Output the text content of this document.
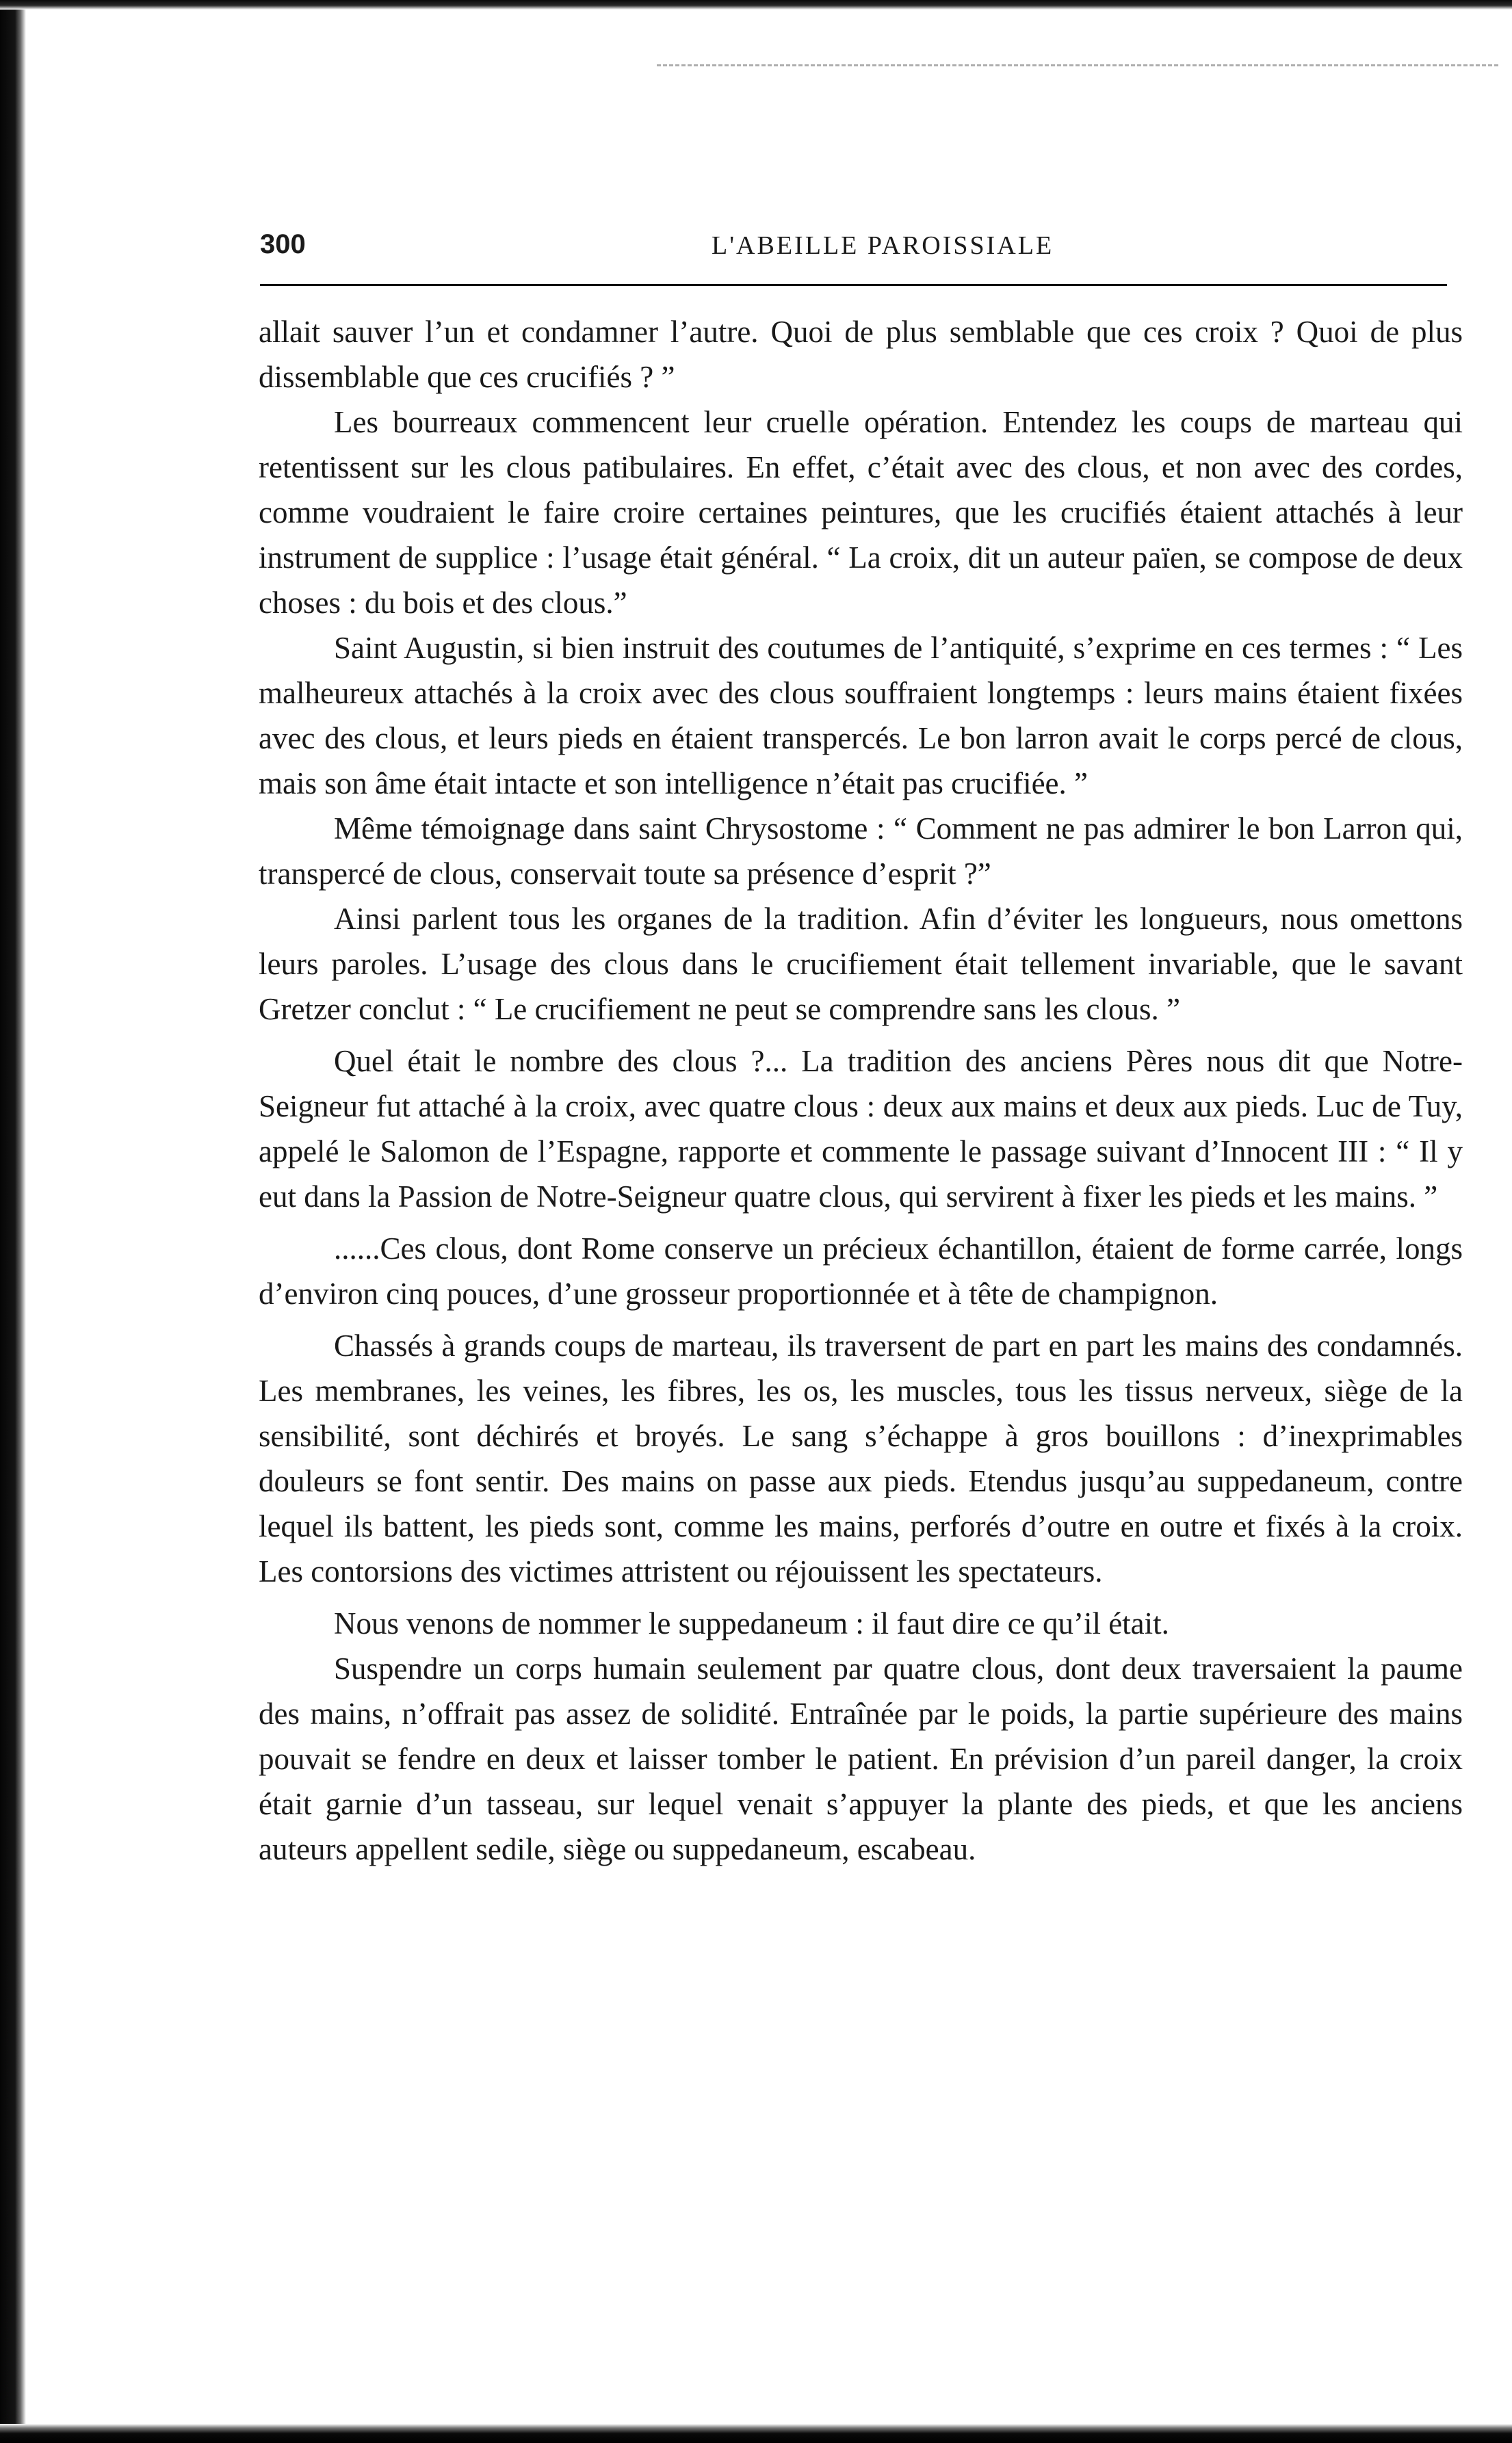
300	L'ABEILLE PAROISSIALE

allait sauver l’un et condamner l’autre. Quoi de plus semblable que ces croix ? Quoi de plus dissemblable que ces crucifiés ? ”

Les bourreaux commencent leur cruelle opération. Entendez les coups de marteau qui retentissent sur les clous patibulaires. En effet, c’était avec des clous, et non avec des cordes, comme voudraient le faire croire certaines peintures, que les crucifiés étaient attachés à leur instrument de supplice : l’usage était général. “ La croix, dit un auteur païen, se compose de deux choses : du bois et des clous.”

Saint Augustin, si bien instruit des coutumes de l’antiquité, s’exprime en ces termes : “ Les malheureux attachés à la croix avec des clous souffraient longtemps : leurs mains étaient fixées avec des clous, et leurs pieds en étaient transpercés. Le bon larron avait le corps percé de clous, mais son âme était intacte et son intelligence n’était pas crucifiée. ”

Même témoignage dans saint Chrysostome : “ Comment ne pas admirer le bon Larron qui, transpercé de clous, conservait toute sa présence d’esprit ?”

Ainsi parlent tous les organes de la tradition. Afin d’éviter les longueurs, nous omettons leurs paroles. L’usage des clous dans le crucifiement était tellement invariable, que le savant Gretzer conclut : “ Le crucifiement ne peut se comprendre sans les clous. ”

Quel était le nombre des clous ?... La tradition des anciens Pères nous dit que Notre-Seigneur fut attaché à la croix, avec quatre clous : deux aux mains et deux aux pieds. Luc de Tuy, appelé le Salomon de l’Espagne, rapporte et commente le passage suivant d’Innocent III : “ Il y eut dans la Passion de Notre-Seigneur quatre clous, qui servirent à fixer les pieds et les mains. ”

......Ces clous, dont Rome conserve un précieux échantillon, étaient de forme carrée, longs d’environ cinq pouces, d’une grosseur proportionnée et à tête de champignon.

Chassés à grands coups de marteau, ils traversent de part en part les mains des condamnés. Les membranes, les veines, les fibres, les os, les muscles, tous les tissus nerveux, siège de la sensibilité, sont déchirés et broyés. Le sang s’échappe à gros bouillons : d’inexprimables douleurs se font sentir. Des mains on passe aux pieds. Etendus jusqu’au suppedaneum, contre lequel ils battent, les pieds sont, comme les mains, perforés d’outre en outre et fixés à la croix. Les contorsions des victimes attristent ou réjouissent les spectateurs.

Nous venons de nommer le suppedaneum : il faut dire ce qu’il était.

Suspendre un corps humain seulement par quatre clous, dont deux traversaient la paume des mains, n’offrait pas assez de solidité. Entraînée par le poids, la partie supérieure des mains pouvait se fendre en deux et laisser tomber le patient. En prévision d’un pareil danger, la croix était garnie d’un tasseau, sur lequel venait s’appuyer la plante des pieds, et que les anciens auteurs appellent sedile, siège ou suppedaneum, escabeau.
